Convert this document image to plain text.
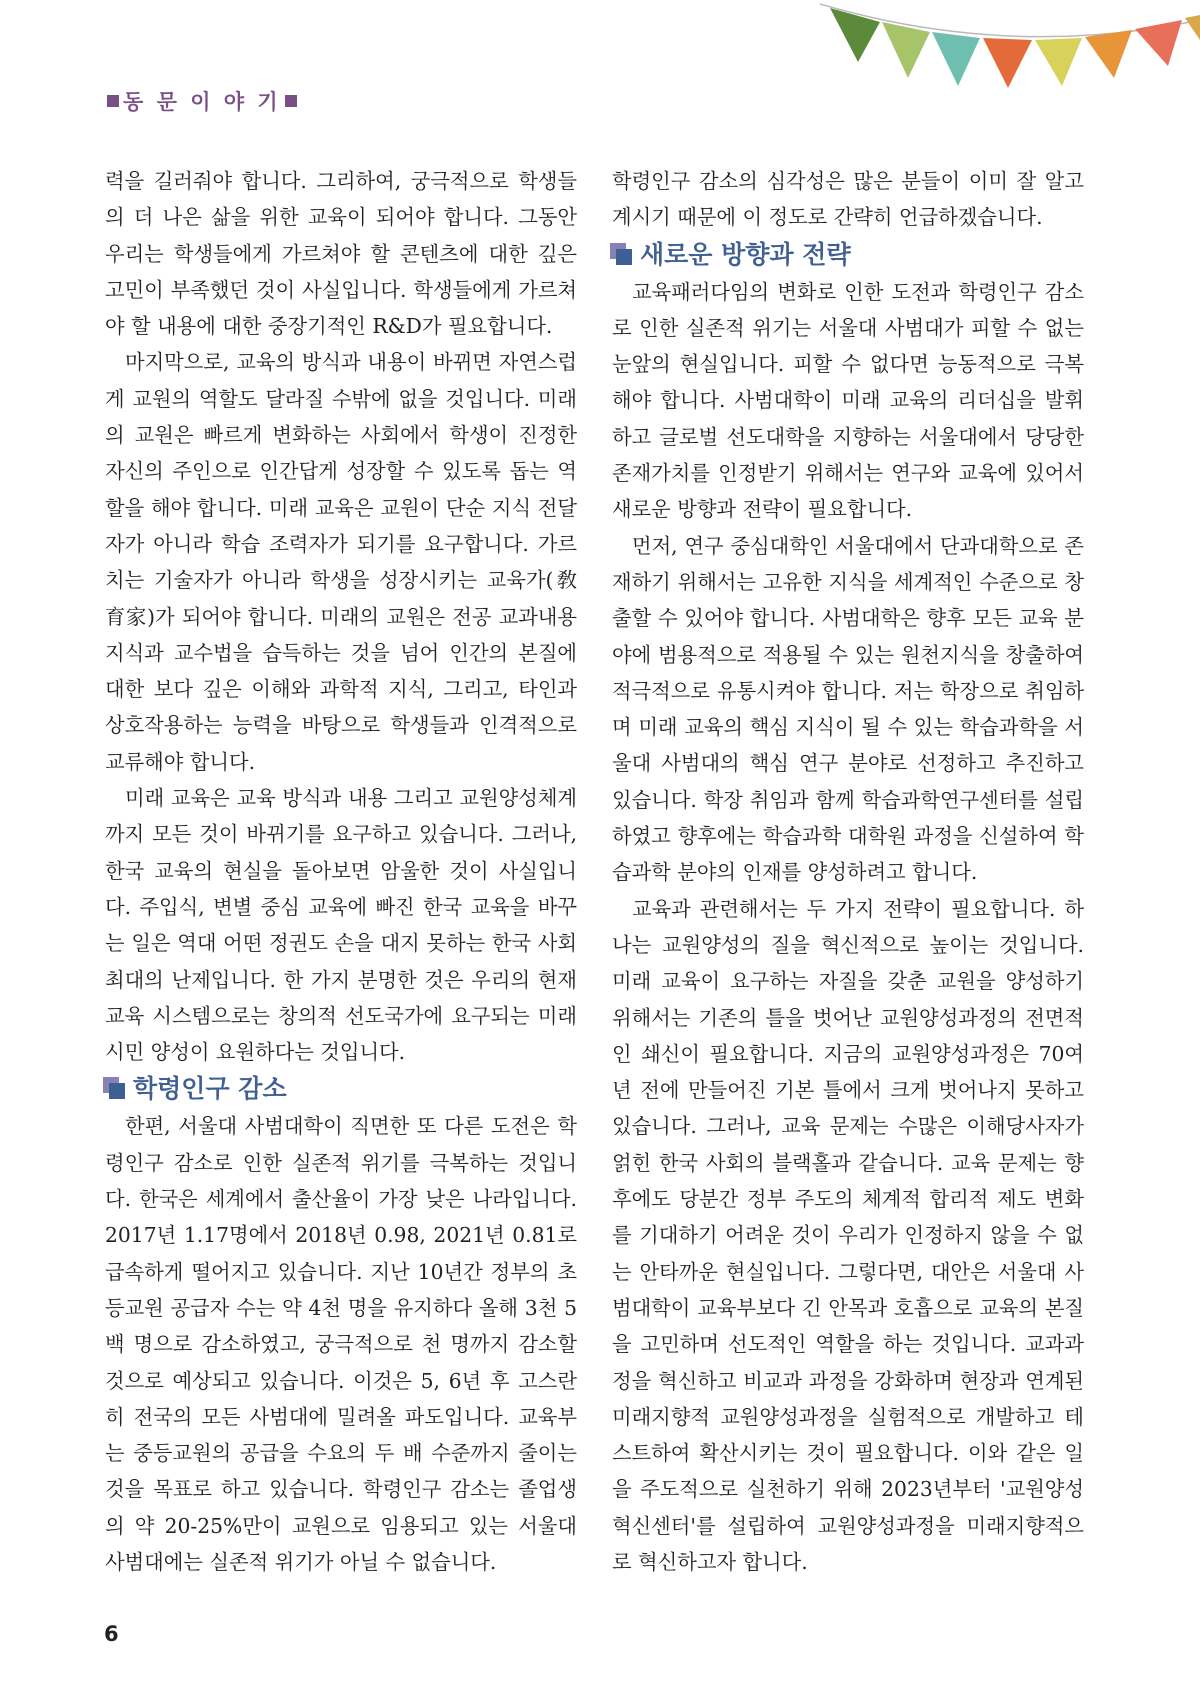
동 문 이 야 기

력을 길러줘야 합니다. 그리하여, 궁극적으로 학생들의 더 나은 삶을 위한 교육이 되어야 합니다. 그동안 우리는 학생들에게 가르쳐야 할 콘텐츠에 대한 깊은 고민이 부족했던 것이 사실입니다. 학생들에게 가르쳐야 할 내용에 대한 중장기적인 R&D가 필요합니다.

마지막으로, 교육의 방식과 내용이 바뀌면 자연스럽게 교원의 역할도 달라질 수밖에 없을 것입니다. 미래의 교원은 빠르게 변화하는 사회에서 학생이 진정한 자신의 주인으로 인간답게 성장할 수 있도록 돕는 역할을 해야 합니다. 미래 교육은 교원이 단순 지식 전달자가 아니라 학습 조력자가 되기를 요구합니다. 가르치는 기술자가 아니라 학생을 성장시키는 교육가(敎育家)가 되어야 합니다. 미래의 교원은 전공 교과내용 지식과 교수법을 습득하는 것을 넘어 인간의 본질에 대한 보다 깊은 이해와 과학적 지식, 그리고, 타인과 상호작용하는 능력을 바탕으로 학생들과 인격적으로 교류해야 합니다.

미래 교육은 교육 방식과 내용 그리고 교원양성체계까지 모든 것이 바뀌기를 요구하고 있습니다. 그러나, 한국 교육의 현실을 돌아보면 암울한 것이 사실입니다. 주입식, 변별 중심 교육에 빠진 한국 교육을 바꾸는 일은 역대 어떤 정권도 손을 대지 못하는 한국 사회 최대의 난제입니다. 한 가지 분명한 것은 우리의 현재 교육 시스템으로는 창의적 선도국가에 요구되는 미래 시민 양성이 요원하다는 것입니다.

학령인구 감소

한편, 서울대 사범대학이 직면한 또 다른 도전은 학령인구 감소로 인한 실존적 위기를 극복하는 것입니다. 한국은 세계에서 출산율이 가장 낮은 나라입니다. 2017년 1.17명에서 2018년 0.98, 2021년 0.81로 급속하게 떨어지고 있습니다. 지난 10년간 정부의 초등교원 공급자 수는 약 4천 명을 유지하다 올해 3천 5백 명으로 감소하였고, 궁극적으로 천 명까지 감소할 것으로 예상되고 있습니다. 이것은 5, 6년 후 고스란히 전국의 모든 사범대에 밀려올 파도입니다. 교육부는 중등교원의 공급을 수요의 두 배 수준까지 줄이는 것을 목표로 하고 있습니다. 학령인구 감소는 졸업생의 약 20-25%만이 교원으로 임용되고 있는 서울대 사범대에는 실존적 위기가 아닐 수 없습니다.

학령인구 감소의 심각성은 많은 분들이 이미 잘 알고 계시기 때문에 이 정도로 간략히 언급하겠습니다.

새로운 방향과 전략

교육패러다임의 변화로 인한 도전과 학령인구 감소로 인한 실존적 위기는 서울대 사범대가 피할 수 없는 눈앞의 현실입니다. 피할 수 없다면 능동적으로 극복해야 합니다. 사범대학이 미래 교육의 리더십을 발휘하고 글로벌 선도대학을 지향하는 서울대에서 당당한 존재가치를 인정받기 위해서는 연구와 교육에 있어서 새로운 방향과 전략이 필요합니다.

먼저, 연구 중심대학인 서울대에서 단과대학으로 존재하기 위해서는 고유한 지식을 세계적인 수준으로 창출할 수 있어야 합니다. 사범대학은 향후 모든 교육 분야에 범용적으로 적용될 수 있는 원천지식을 창출하여 적극적으로 유통시켜야 합니다. 저는 학장으로 취임하며 미래 교육의 핵심 지식이 될 수 있는 학습과학을 서울대 사범대의 핵심 연구 분야로 선정하고 추진하고 있습니다. 학장 취임과 함께 학습과학연구센터를 설립하였고 향후에는 학습과학 대학원 과정을 신설하여 학습과학 분야의 인재를 양성하려고 합니다.

교육과 관련해서는 두 가지 전략이 필요합니다. 하나는 교원양성의 질을 혁신적으로 높이는 것입니다. 미래 교육이 요구하는 자질을 갖춘 교원을 양성하기 위해서는 기존의 틀을 벗어난 교원양성과정의 전면적인 쇄신이 필요합니다. 지금의 교원양성과정은 70여 년 전에 만들어진 기본 틀에서 크게 벗어나지 못하고 있습니다. 그러나, 교육 문제는 수많은 이해당사자가 얽힌 한국 사회의 블랙홀과 같습니다. 교육 문제는 향후에도 당분간 정부 주도의 체계적 합리적 제도 변화를 기대하기 어려운 것이 우리가 인정하지 않을 수 없는 안타까운 현실입니다. 그렇다면, 대안은 서울대 사범대학이 교육부보다 긴 안목과 호흡으로 교육의 본질을 고민하며 선도적인 역할을 하는 것입니다. 교과과정을 혁신하고 비교과 과정을 강화하며 현장과 연계된 미래지향적 교원양성과정을 실험적으로 개발하고 테스트하여 확산시키는 것이 필요합니다. 이와 같은 일을 주도적으로 실천하기 위해 2023년부터 '교원양성혁신센터'를 설립하여 교원양성과정을 미래지향적으로 혁신하고자 합니다.

6
